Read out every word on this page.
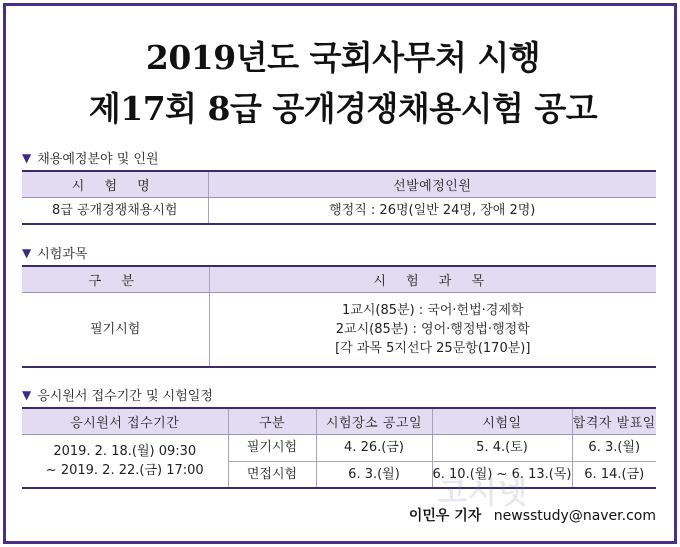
2019년도 국회사무처 시행
제17회 8급 공개경쟁채용시험 공고
▼ 채용예정분야 및 인원
시 험 명	선발예정인원
8급 공개경쟁채용시험	행정직 : 26명(일반 24명, 장애 2명)
▼ 시험과목
구 분	시 험 과 목
필기시험	1교시(85분) : 국어·헌법·경제학
2교시(85분) : 영어·행정법·행정학
[각 과목 5지선다 25문항(170분)]
▼ 응시원서 접수기간 및 시험일정
응시원서 접수기간	구분	시험장소 공고일	시험일	합격자 발표일

2019. 2. 18.(월) 09:30
~ 2019. 2. 22.(금) 17:00	필기시험	4. 26.(금)	5. 4.(토)	6. 3.(월)
	면접시험	6. 3.(월)	6. 10.(월) ~ 6. 13.(목)	6. 14.(금)
고시넷
이민우 기자 newsstudy@naver.com
